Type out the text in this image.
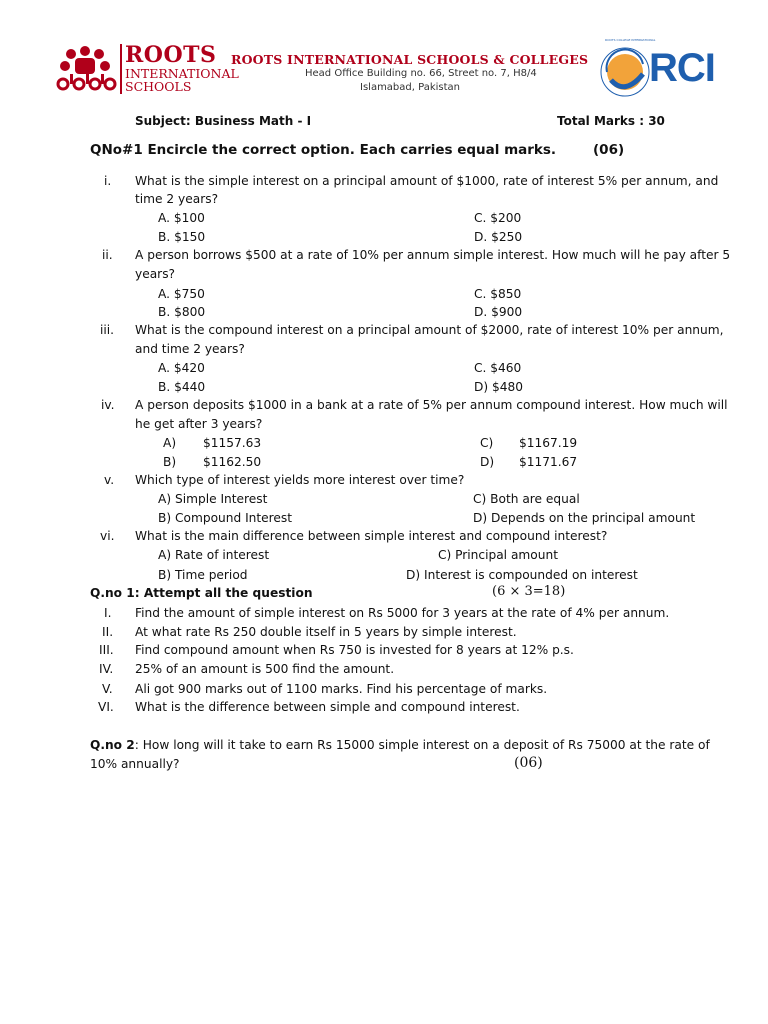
ROOTS
INTERNATIONAL
SCHOOLS
ROOTS INTERNATIONAL SCHOOLS & COLLEGES
Head Office Building no. 66, Street no. 7, H8/4
Islamabad, Pakistan	RCI
ROOTS COLLEGE INTERNATIONAL
Subject: Business Math - I	Total Marks : 30
QNo#1 Encircle the correct option. Each carries equal marks.	(06)
i. What is the simple interest on a principal amount of $1000, rate of interest 5% per annum, and
time 2 years?
A. $100
B. $150
C. $200
D. $250
ii. A person borrows $500 at a rate of 10% per annum simple interest. How much will he pay after 5
years?
A. $750
B. $800
C. $850
D. $900
iii. What is the compound interest on a principal amount of $2000, rate of interest 10% per annum,
and time 2 years?
A. $420
B. $440
C. $460
D) $480
iv. A person deposits $1000 in a bank at a rate of 5% per annum compound interest. How much will
he get after 3 years?
A) $1157.63
B) $1162.50
C) $1167.19
D) $1171.67
v. Which type of interest yields more interest over time?
A) Simple Interest
B) Compound Interest
C) Both are equal
D) Depends on the principal amount
vi. What is the main difference between simple interest and compound interest?
A) Rate of interest
B) Time period
C) Principal amount
D) Interest is compounded on interest
Q.no 1: Attempt all the question	(6 × 3=18)
I. Find the amount of simple interest on Rs 5000 for 3 years at the rate of 4% per annum.
II. At what rate Rs 250 double itself in 5 years by simple interest.
III. Find compound amount when Rs 750 is invested for 8 years at 12% p.s.
IV. 25% of an amount is 500 find the amount.
V. Ali got 900 marks out of 1100 marks. Find his percentage of marks.
VI. What is the difference between simple and compound interest.
Q.no 2: How long will it take to earn Rs 15000 simple interest on a deposit of Rs 75000 at the rate of
10% annually?	(06)
